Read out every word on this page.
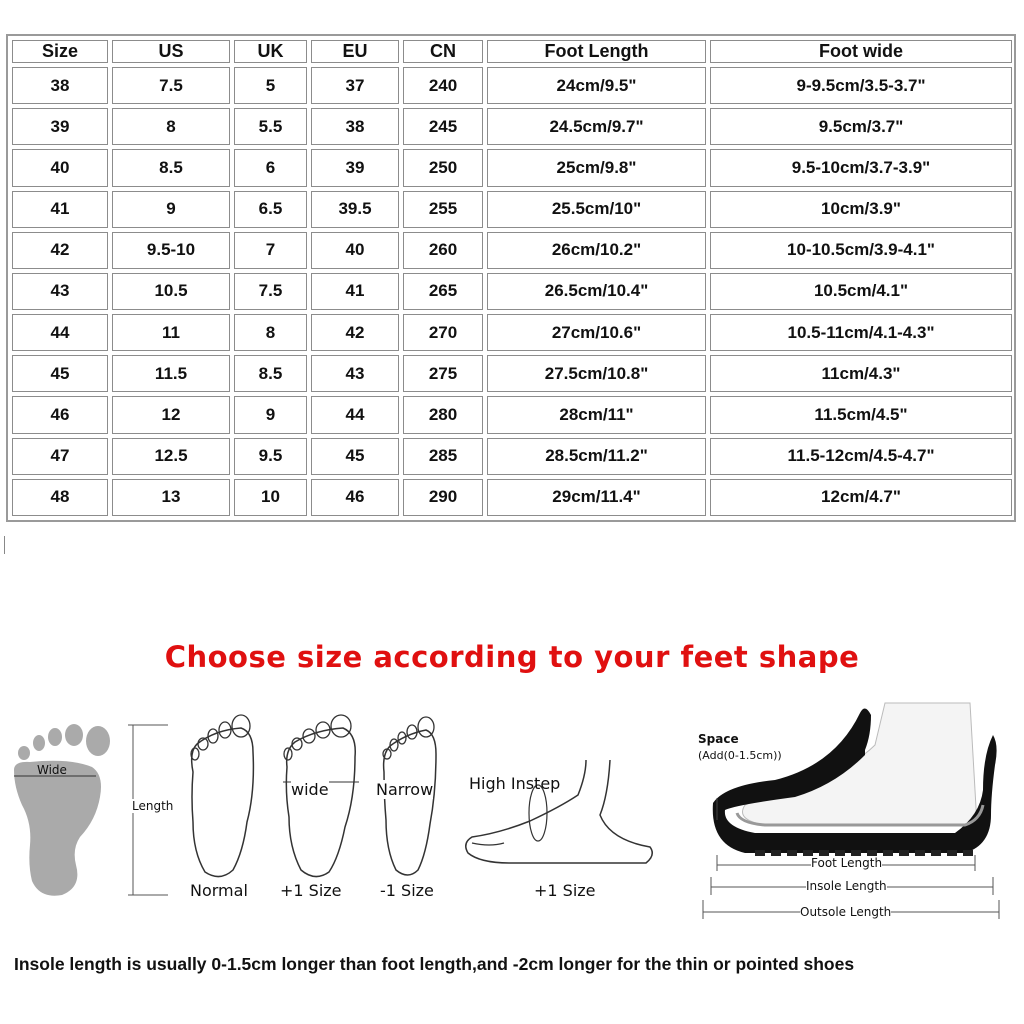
Size	US	UK	EU	CN	Foot Length	Foot wide
38	7.5	5	37	240	24cm/9.5"	9-9.5cm/3.5-3.7"
39	8	5.5	38	245	24.5cm/9.7"	9.5cm/3.7"
40	8.5	6	39	250	25cm/9.8"	9.5-10cm/3.7-3.9"
41	9	6.5	39.5	255	25.5cm/10"	10cm/3.9"
42	9.5-10	7	40	260	26cm/10.2"	10-10.5cm/3.9-4.1"
43	10.5	7.5	41	265	26.5cm/10.4"	10.5cm/4.1"
44	11	8	42	270	27cm/10.6"	10.5-11cm/4.1-4.3"
45	11.5	8.5	43	275	27.5cm/10.8"	11cm/4.3"
46	12	9	44	280	28cm/11"	11.5cm/4.5"
47	12.5	9.5	45	285	28.5cm/11.2"	11.5-12cm/4.5-4.7"
48	13	10	46	290	29cm/11.4"	12cm/4.7"
Choose size according to your feet shape
Wide
Length
Normal
wide
+1 Size
Narrow
-1 Size
High Instep
+1 Size
Space
(Add(0-1.5cm))
Foot Length
Insole Length
Outsole Length
Insole length is usually 0-1.5cm longer than foot length,and -2cm longer for the thin or pointed shoes
